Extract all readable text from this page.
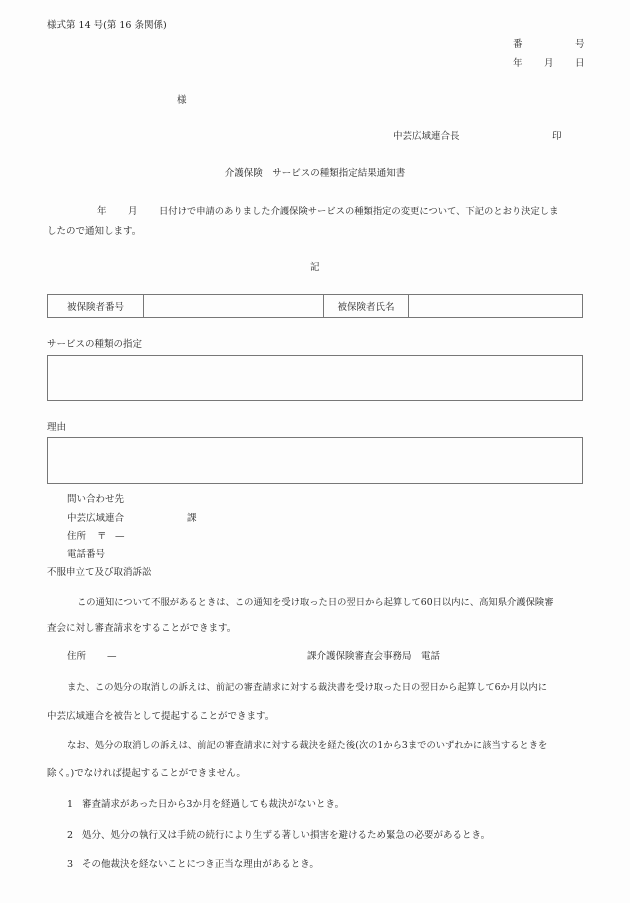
様式第 14 号(第 16 条関係)
番	号
年 月 日
様
中芸広域連合長	印
介護保険　サービスの種類指定結果通知書
年 月 日付けで申請のありました介護保険サービスの種類指定の変更について、下記のとおり決定しま
したので通知します。
記
被保険者番号	被保険者氏名
サービスの種類の指定
理由
問い合わせ先
中芸広域連合	課
住所 〒 —
電話番号
不服申立て及び取消訴訟
この通知について不服があるときは、この通知を受け取った日の翌日から起算して60日以内に、高知県介護保険審
査会に対し審査請求をすることができます。
住所 —	課介護保険審査会事務局　電話
また、この処分の取消しの訴えは、前記の審査請求に対する裁決書を受け取った日の翌日から起算して6か月以内に
中芸広域連合を被告として提起することができます。
なお、処分の取消しの訴えは、前記の審査請求に対する裁決を経た後(次の1から3までのいずれかに該当するときを
除く。)でなければ提起することができません。
1 審査請求があった日から3か月を経過しても裁決がないとき。
2 処分、処分の執行又は手続の続行により生ずる著しい損害を避けるため緊急の必要があるとき。
3 その他裁決を経ないことにつき正当な理由があるとき。
